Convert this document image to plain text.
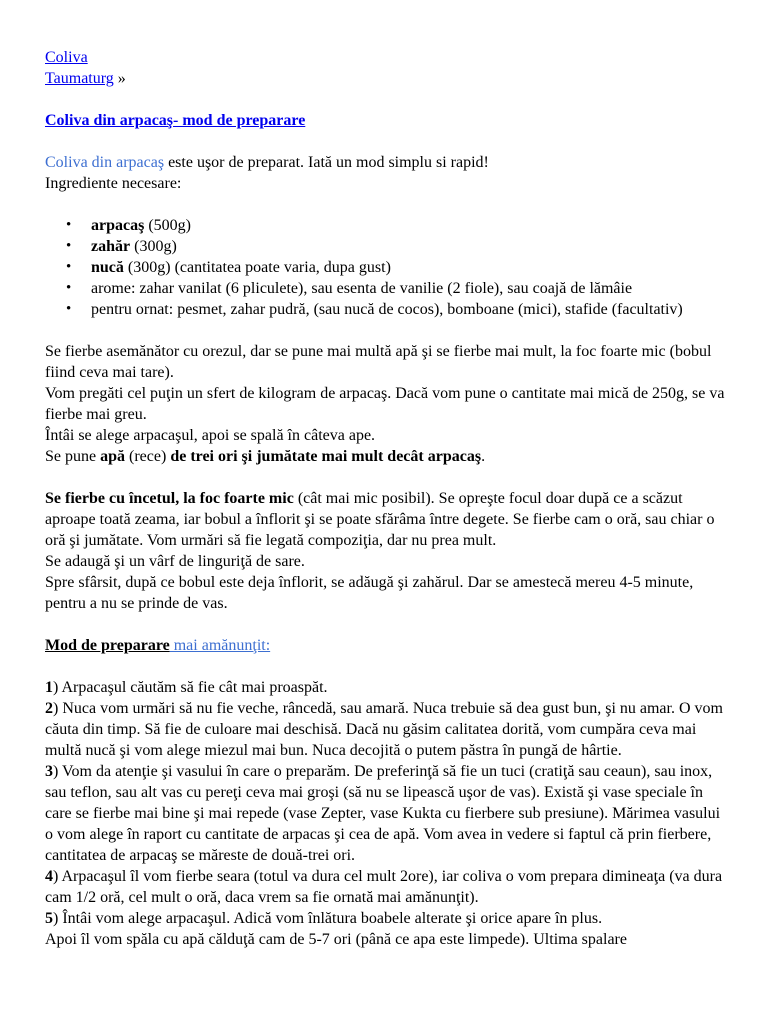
Coliva
Taumaturg »

Coliva din arpacaş- mod de preparare

Coliva din arpacaş este uşor de preparat. Iată un mod simplu si rapid!
Ingrediente necesare:

• arpacaş (500g)
• zahăr (300g)
• nucă (300g) (cantitatea poate varia, dupa gust)
• arome: zahar vanilat (6 pliculete), sau esenta de vanilie (2 fiole), sau coajă de lămâie
• pentru ornat: pesmet, zahar pudră, (sau nucă de cocos), bomboane (mici), stafide (facultativ)

Se fierbe asemănător cu orezul, dar se pune mai multă apă şi se fierbe mai mult, la foc foarte mic (bobul fiind ceva mai tare).
Vom pregăti cel puţin un sfert de kilogram de arpacaş. Dacă vom pune o cantitate mai mică de 250g, se va fierbe mai greu.
Întâi se alege arpacaşul, apoi se spală în câteva ape.
Se pune apă (rece) de trei ori şi jumătate mai mult decât arpacaş.

Se fierbe cu încetul, la foc foarte mic (cât mai mic posibil). Se opreşte focul doar după ce a scăzut aproape toată zeama, iar bobul a înflorit şi se poate sfărâma între degete. Se fierbe cam o oră, sau chiar o oră şi jumătate. Vom urmări să fie legată compoziţia, dar nu prea mult.
Se adaugă şi un vârf de linguriţă de sare.
Spre sfârsit, după ce bobul este deja înflorit, se adăugă şi zahărul. Dar se amestecă mereu 4-5 minute, pentru a nu se prinde de vas.

Mod de preparare mai amănunţit:

1) Arpacaşul căutăm să fie cât mai proaspăt.
2) Nuca vom urmări să nu fie veche, râncedă, sau amară. Nuca trebuie să dea gust bun, şi nu amar. O vom căuta din timp. Să fie de culoare mai deschisă. Dacă nu găsim calitatea dorită, vom cumpăra ceva mai multă nucă şi vom alege miezul mai bun. Nuca decojită o putem păstra în pungă de hârtie.
3) Vom da atenţie şi vasului în care o preparăm. De preferinţă să fie un tuci (cratiţă sau ceaun), sau inox, sau teflon, sau alt vas cu pereţi ceva mai groşi (să nu se lipească uşor de vas). Există şi vase speciale în care se fierbe mai bine şi mai repede (vase Zepter, vase Kukta cu fierbere sub presiune). Mărimea vasului o vom alege în raport cu cantitate de arpacas şi cea de apă. Vom avea in vedere si faptul că prin fierbere, cantitatea de arpacaş se măreste de două-trei ori.
4) Arpacaşul îl vom fierbe seara (totul va dura cel mult 2ore), iar coliva o vom prepara dimineaţa (va dura cam 1/2 oră, cel mult o oră, daca vrem sa fie ornată mai amănunţit).
5) Întâi vom alege arpacaşul. Adică vom înlătura boabele alterate şi orice apare în plus.
Apoi îl vom spăla cu apă călduţă cam de 5-7 ori (până ce apa este limpede). Ultima spalare
